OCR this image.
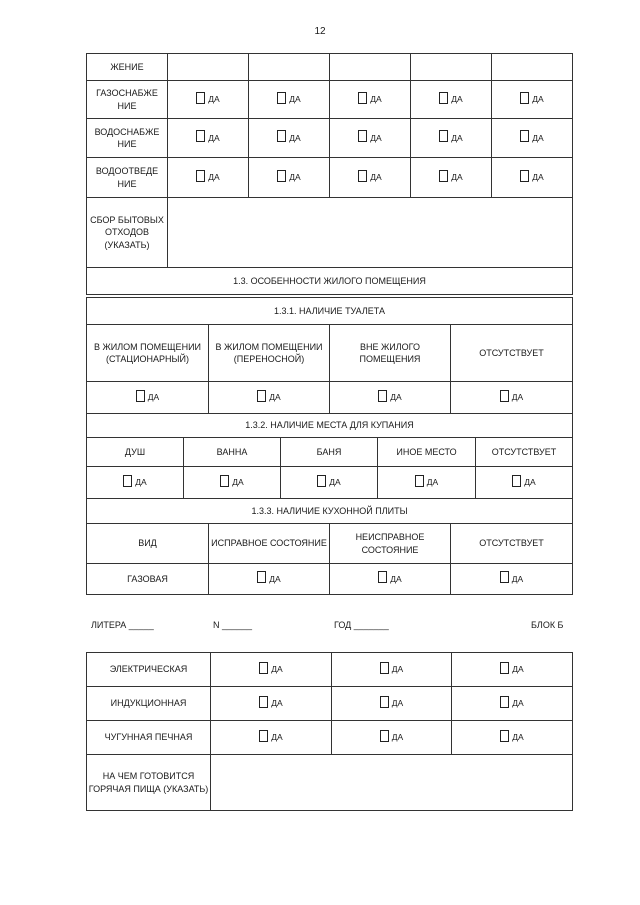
12
ЖЕНИЕ					
ГАЗОСНАБЖЕ НИЕ	ДА	ДА	ДА	ДА	ДА

ВОДОСНАБЖЕ НИЕ	ДА	ДА	ДА	ДА	ДА

ВОДООТВЕДЕ НИЕ	ДА	ДА	ДА	ДА	ДА

СБОР БЫТОВЫХ ОТХОДОВ (УКАЗАТЬ)					
1.3. ОСОБЕННОСТИ ЖИЛОГО ПОМЕЩЕНИЯ					
1.3.1. НАЛИЧИЕ ТУАЛЕТА			
В ЖИЛОМ ПОМЕЩЕНИИ (СТАЦИОНАРНЫЙ)	В ЖИЛОМ ПОМЕЩЕНИИ (ПЕРЕНОСНОЙ)	ВНЕ ЖИЛОГО ПОМЕЩЕНИЯ	ОТСУТСТВУЕТ

ДА	ДА	ДА	ДА
1.3.2. НАЛИЧИЕ МЕСТА ДЛЯ КУПАНИЯ				
ДУШ	ВАННА	БАНЯ	ИНОЕ МЕСТО	ОТСУТСТВУЕТ

ДА	ДА	ДА	ДА	ДА
1.3.3. НАЛИЧИЕ КУХОННОЙ ПЛИТЫ			
ВИД	ИСПРАВНОЕ СОСТОЯНИЕ	НЕИСПРАВНОЕ СОСТОЯНИЕ	ОТСУТСТВУЕТ
ГАЗОВАЯ	ДА	ДА	ДА
ЛИТЕРА _____	N ______	ГОД _______	БЛОК Б
ЭЛЕКТРИЧЕСКАЯ	ДА	ДА	ДА

ИНДУКЦИОННАЯ	ДА	ДА	ДА

ЧУГУННАЯ ПЕЧНАЯ	ДА	ДА	ДА

НА ЧЕМ ГОТОВИТСЯ ГОРЯЧАЯ ПИЩА (УКАЗАТЬ)			
